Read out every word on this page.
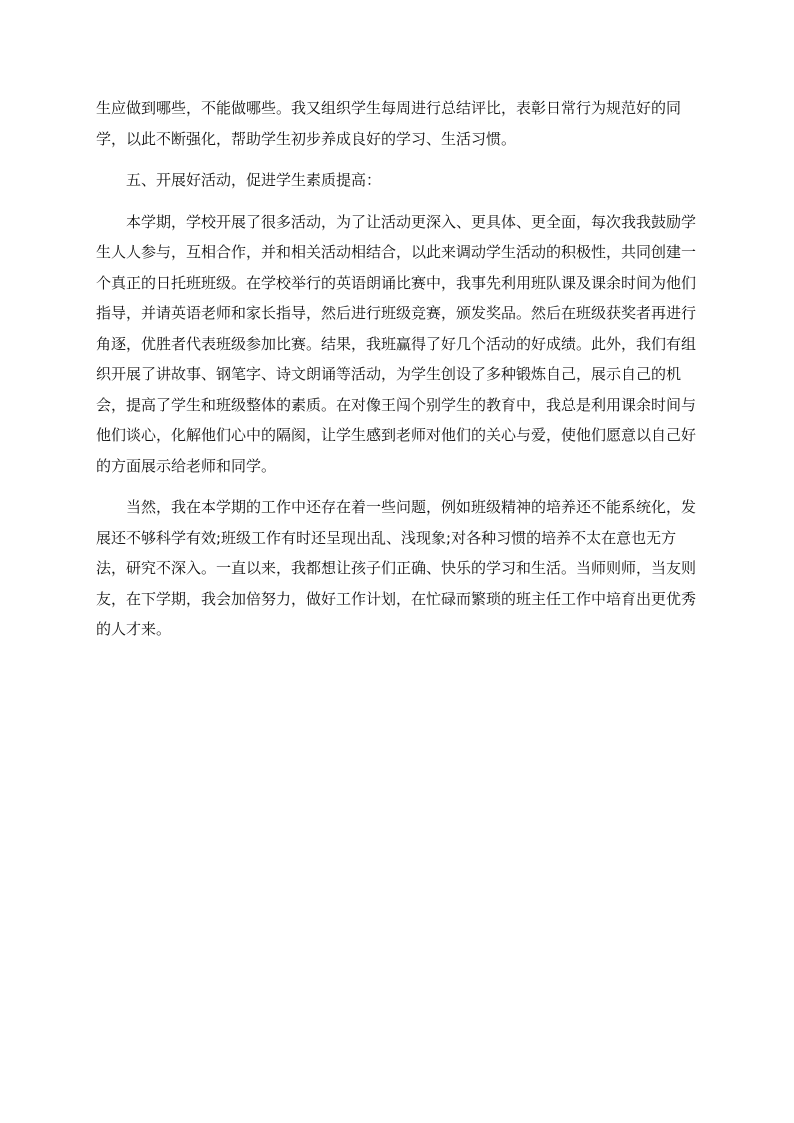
生应做到哪些，不能做哪些。我又组织学生每周进行总结评比，表彰日常行为规范好的同学，以此不断强化，帮助学生初步养成良好的学习、生活习惯。

五、开展好活动，促进学生素质提高：

本学期，学校开展了很多活动，为了让活动更深入、更具体、更全面，每次我我鼓励学生人人参与，互相合作，并和相关活动相结合，以此来调动学生活动的积极性，共同创建一个真正的日托班班级。在学校举行的英语朗诵比赛中，我事先利用班队课及课余时间为他们指导，并请英语老师和家长指导，然后进行班级竞赛，颁发奖品。然后在班级获奖者再进行角逐，优胜者代表班级参加比赛。结果，我班赢得了好几个活动的好成绩。此外，我们有组织开展了讲故事、钢笔字、诗文朗诵等活动，为学生创设了多种锻炼自己，展示自己的机会，提高了学生和班级整体的素质。在对像王闯个别学生的教育中，我总是利用课余时间与他们谈心，化解他们心中的隔阂，让学生感到老师对他们的关心与爱，使他们愿意以自己好的方面展示给老师和同学。

当然，我在本学期的工作中还存在着一些问题，例如班级精神的培养还不能系统化，发展还不够科学有效;班级工作有时还呈现出乱、浅现象;对各种习惯的培养不太在意也无方法，研究不深入。一直以来，我都想让孩子们正确、快乐的学习和生活。当师则师，当友则友，在下学期，我会加倍努力，做好工作计划，在忙碌而繁琐的班主任工作中培育出更优秀的人才来。
